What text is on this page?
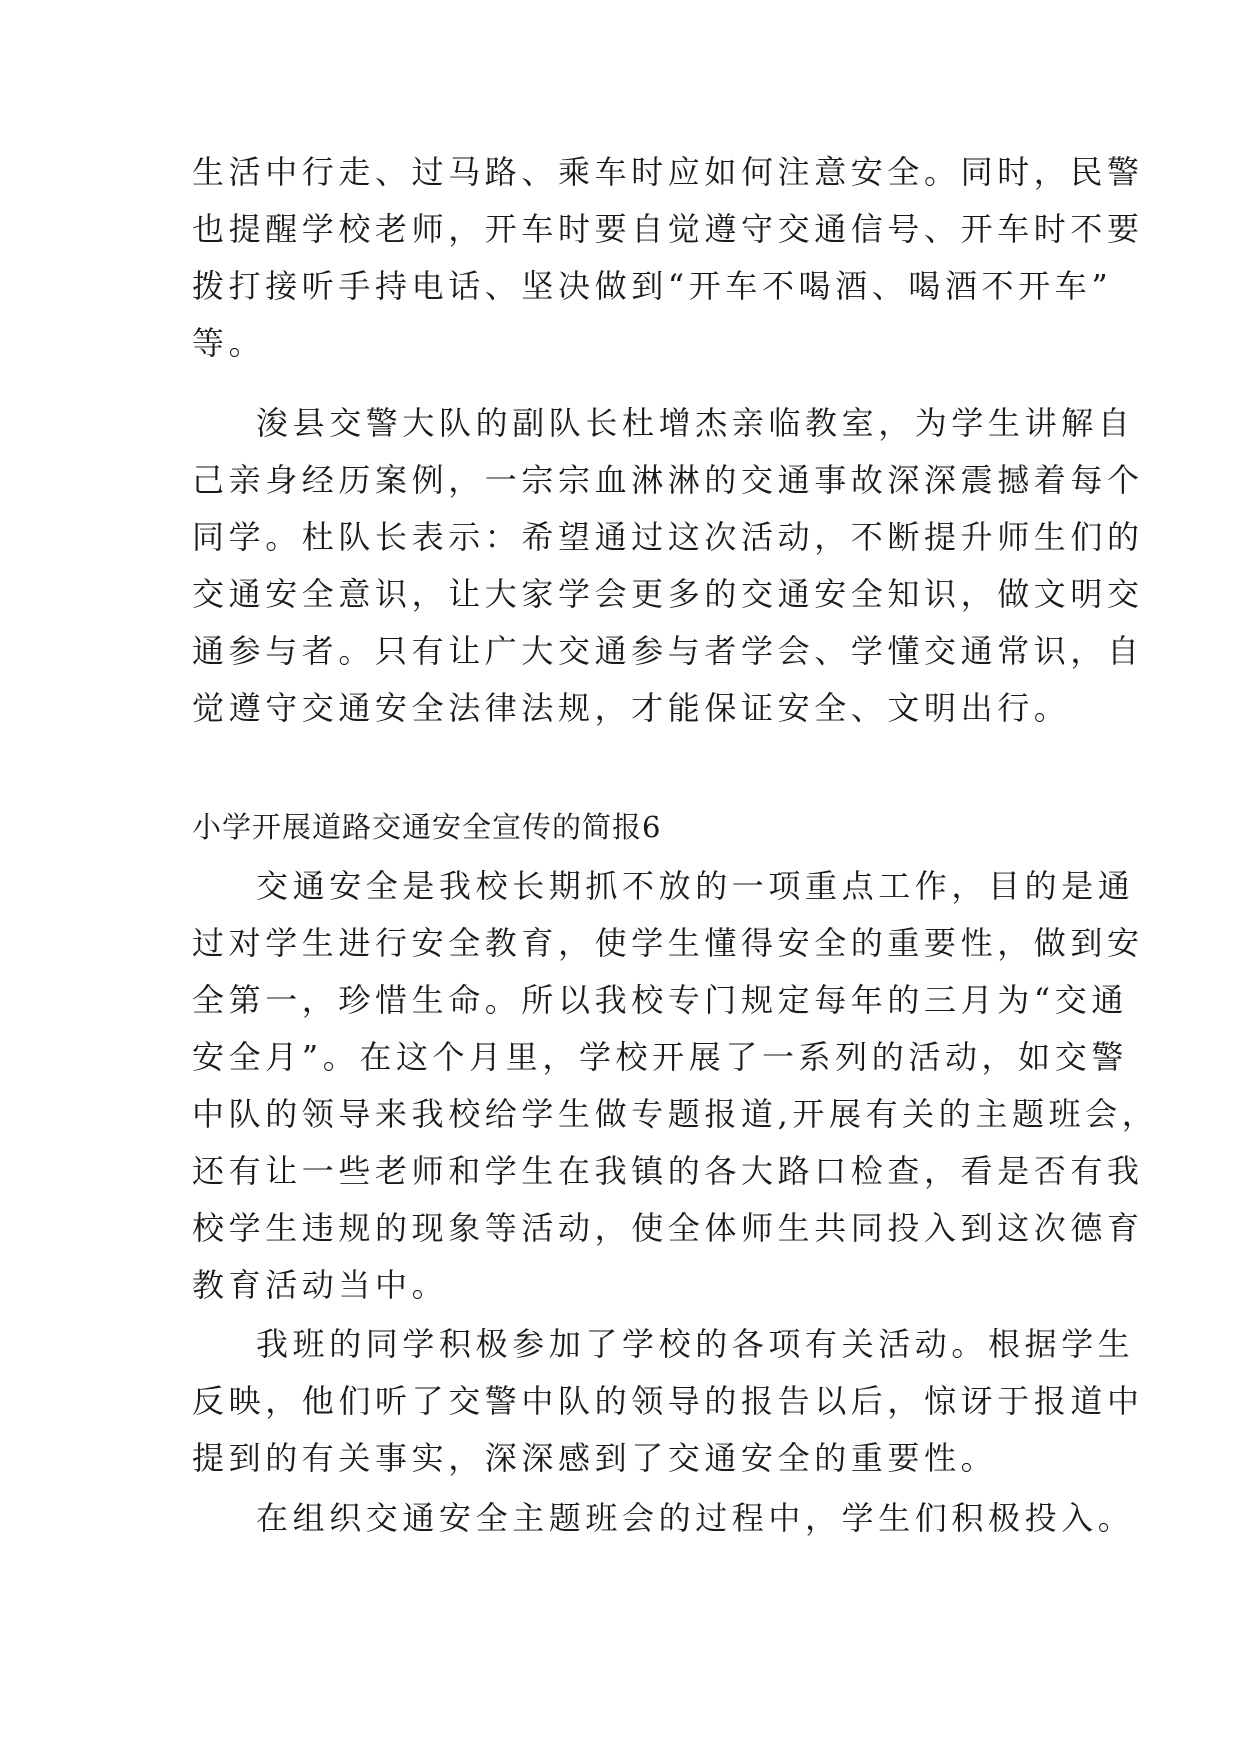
生活中行走、过马路、乘车时应如何注意安全。同时，民警
也提醒学校老师，开车时要自觉遵守交通信号、开车时不要
拨打接听手持电话、坚决做到“开车不喝酒、喝酒不开车”
等。
浚县交警大队的副队长杜增杰亲临教室，为学生讲解自
己亲身经历案例，一宗宗血淋淋的交通事故深深震撼着每个
同学。杜队长表示：希望通过这次活动，不断提升师生们的
交通安全意识，让大家学会更多的交通安全知识，做文明交
通参与者。只有让广大交通参与者学会、学懂交通常识，自
觉遵守交通安全法律法规，才能保证安全、文明出行。
小学开展道路交通安全宣传的简报6
交通安全是我校长期抓不放的一项重点工作，目的是通
过对学生进行安全教育，使学生懂得安全的重要性，做到安
全第一，珍惜生命。所以我校专门规定每年的三月为“交通
安全月”。在这个月里，学校开展了一系列的活动，如交警
中队的领导来我校给学生做专题报道,开展有关的主题班会，
还有让一些老师和学生在我镇的各大路口检查，看是否有我
校学生违规的现象等活动，使全体师生共同投入到这次德育
教育活动当中。
我班的同学积极参加了学校的各项有关活动。根据学生
反映，他们听了交警中队的领导的报告以后，惊讶于报道中
提到的有关事实，深深感到了交通安全的重要性。
在组织交通安全主题班会的过程中，学生们积极投入。
